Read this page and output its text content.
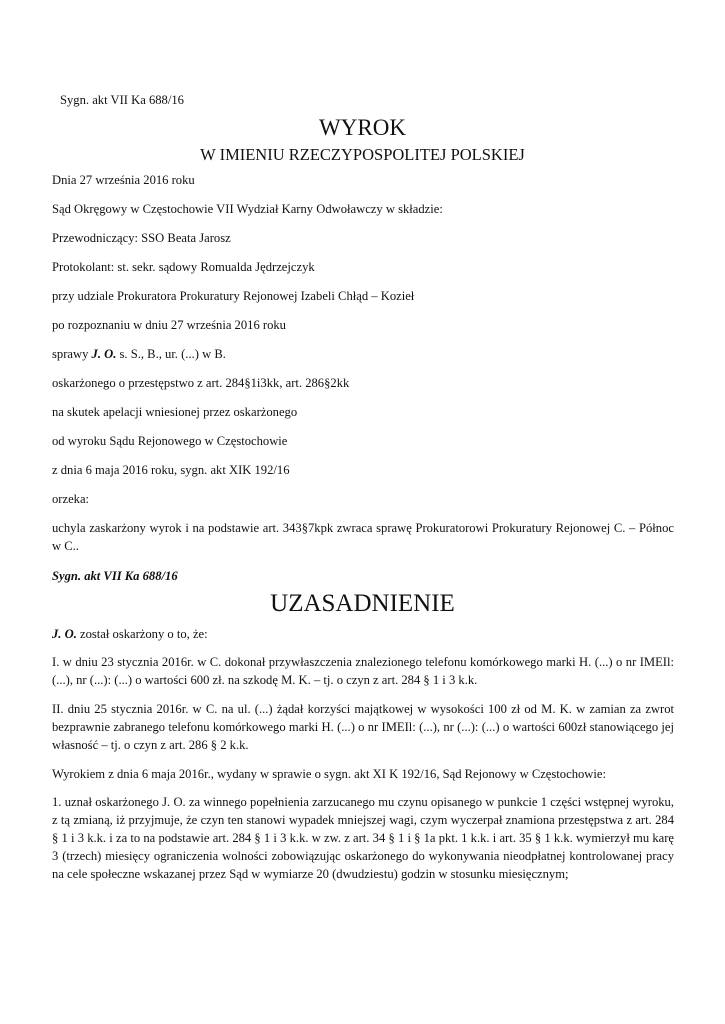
Sygn. akt VII Ka 688/16
WYROK
W IMIENIU RZECZYPOSPOLITEJ POLSKIEJ
Dnia 27 września 2016 roku
Sąd Okręgowy w Częstochowie VII Wydział Karny Odwoławczy w składzie:
Przewodniczący: SSO Beata Jarosz
Protokolant: st. sekr. sądowy Romualda Jędrzejczyk
przy udziale Prokuratora Prokuratury Rejonowej Izabeli Chłąd – Kozieł
po rozpoznaniu w dniu 27 września 2016 roku
sprawy J. O. s. S., B., ur. (...) w B.
oskarżonego o przestępstwo z art. 284§1i3kk, art. 286§2kk
na skutek apelacji wniesionej przez oskarżonego
od wyroku Sądu Rejonowego w Częstochowie
z dnia 6 maja 2016 roku, sygn. akt XIK 192/16
orzeka:
uchyla zaskarżony wyrok i na podstawie art. 343§7kpk zwraca sprawę Prokuratorowi Prokuratury Rejonowej C. – Północ w C..
Sygn. akt VII Ka 688/16
UZASADNIENIE
J. O. został oskarżony o to, że:
I. w dniu 23 stycznia 2016r. w C. dokonał przywłaszczenia znalezionego telefonu komórkowego marki H. (...) o nr IMEIl: (...), nr (...): (...) o wartości 600 zł. na szkodę M. K. – tj. o czyn z art. 284 § 1 i 3 k.k.
II. dniu 25 stycznia 2016r. w C. na ul. (...) żądał korzyści majątkowej w wysokości 100 zł od M. K. w zamian za zwrot bezprawnie zabranego telefonu komórkowego marki H. (...) o nr IMEIl: (...), nr (...): (...) o wartości 600zł stanowiącego jej własność – tj. o czyn z art. 286 § 2 k.k.
Wyrokiem z dnia 6 maja 2016r., wydany w sprawie o sygn. akt XI K 192/16, Sąd Rejonowy w Częstochowie:
1. uznał oskarżonego J. O. za winnego popełnienia zarzucanego mu czynu opisanego w punkcie 1 części wstępnej wyroku, z tą zmianą, iż przyjmuje, że czyn ten stanowi wypadek mniejszej wagi, czym wyczerpał znamiona przestępstwa z art. 284 § 1 i 3 k.k. i za to na podstawie art. 284 § 1 i 3 k.k. w zw. z art. 34 § 1 i § 1a pkt. 1 k.k. i art. 35 § 1 k.k. wymierzył mu karę 3 (trzech) miesięcy ograniczenia wolności zobowiązując oskarżonego do wykonywania nieodpłatnej kontrolowanej pracy na cele społeczne wskazanej przez Sąd w wymiarze 20 (dwudziestu) godzin w stosunku miesięcznym;
